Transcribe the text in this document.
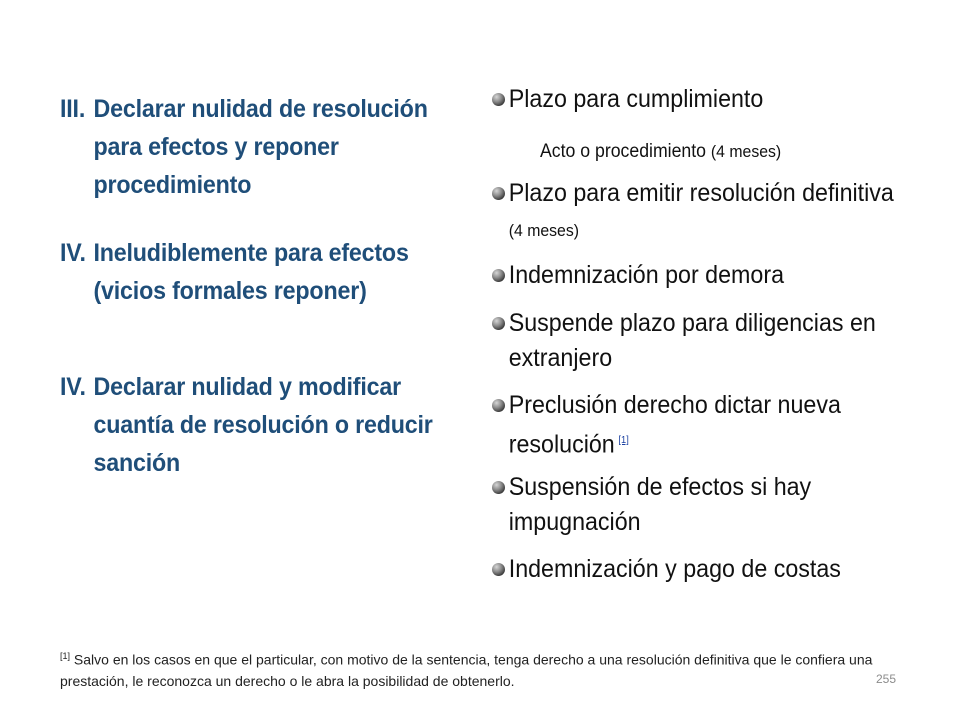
III. Declarar nulidad de resolución para efectos y reponer procedimiento
IV. Ineludiblemente para efectos (vicios formales reponer)
IV. Declarar nulidad y modificar cuantía de resolución o reducir sanción
Plazo para cumplimiento
Acto o procedimiento (4 meses)
Plazo para emitir resolución definitiva (4 meses)
Indemnización por demora
Suspende plazo para diligencias en extranjero
Preclusión derecho dictar nueva resolución [1]
Suspensión de efectos si hay impugnación
Indemnización y pago de costas
[1] Salvo en los casos en que el particular, con motivo de la sentencia, tenga derecho a una resolución definitiva que le confiera una prestación, le reconozca un derecho o le abra la posibilidad de obtenerlo.	255
